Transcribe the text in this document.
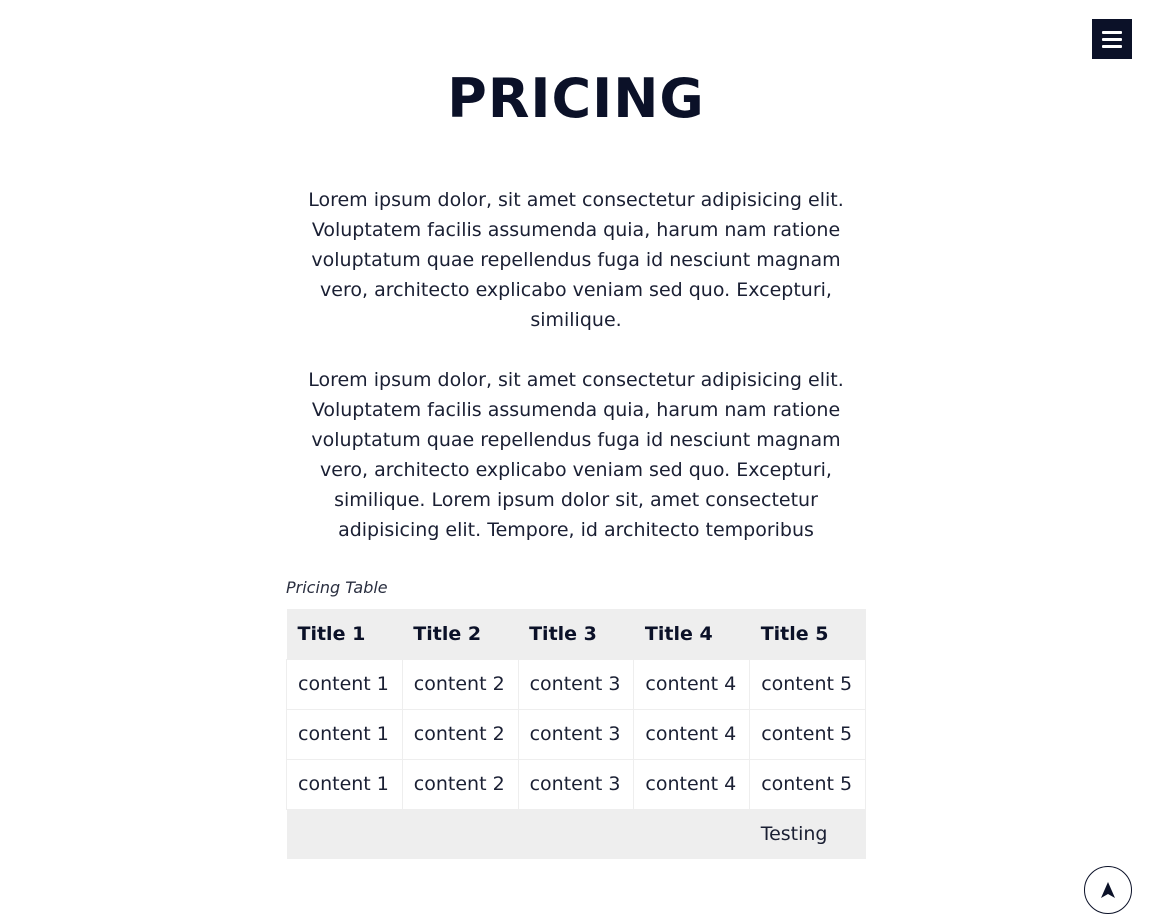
PRICING

Lorem ipsum dolor, sit amet consectetur adipisicing elit. Voluptatem facilis assumenda quia, harum nam ratione voluptatum quae repellendus fuga id nesciunt magnam vero, architecto explicabo veniam sed quo. Excepturi, similique.

Lorem ipsum dolor, sit amet consectetur adipisicing elit. Voluptatem facilis assumenda quia, harum nam ratione voluptatum quae repellendus fuga id nesciunt magnam vero, architecto explicabo veniam sed quo. Excepturi, similique. Lorem ipsum dolor sit, amet consectetur adipisicing elit. Tempore, id architecto temporibus

Pricing Table
Title 1	Title 2	Title 3	Title 4	Title 5
content 1	content 2	content 3	content 4	content 5
content 1	content 2	content 3	content 4	content 5
content 1	content 2	content 3	content 4	content 5
				Testing
